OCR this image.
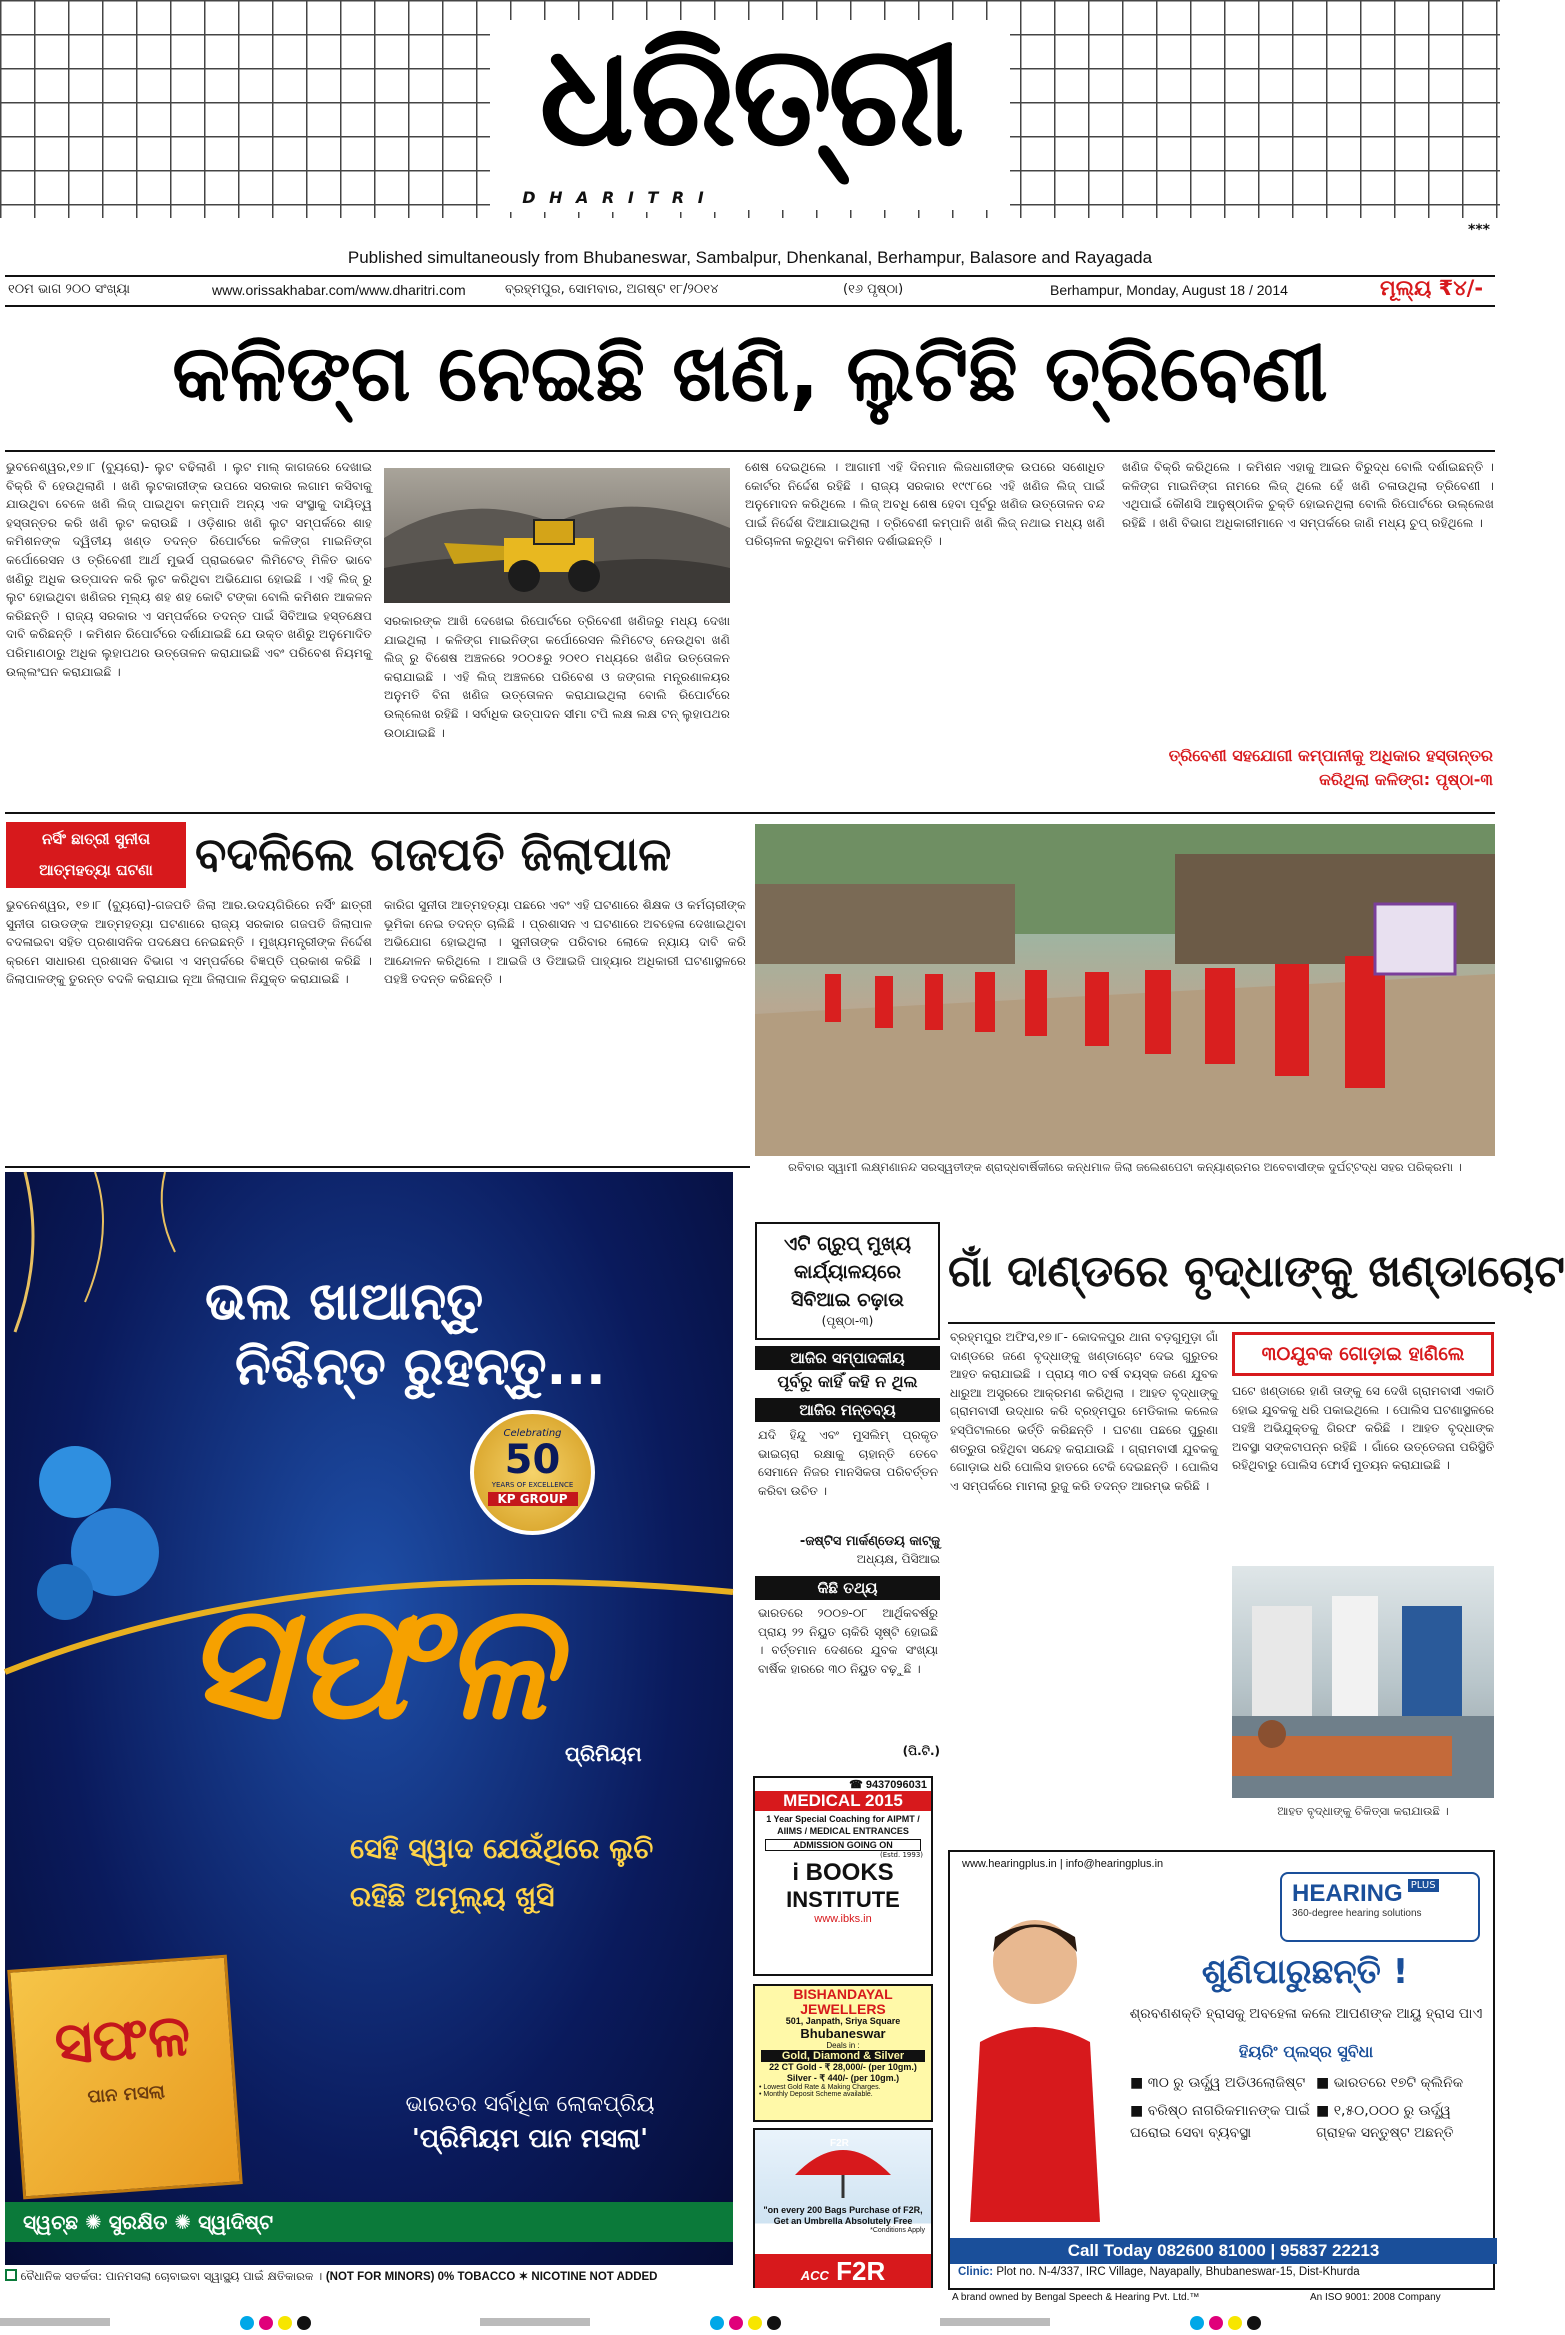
ଧରିତ୍ରୀ
D H A R I T R I
***
Published simultaneously from Bhubaneswar, Sambalpur, Dhenkanal, Berhampur, Balasore and Rayagada
୧୦ମ ଭାଗ ୨୦୦ ସଂଖ୍ୟା	www.orissakhabar.com/www.dharitri.com	ବ୍ରହ୍ମପୁର, ସୋମବାର, ଅଗଷ୍ଟ ୧୮/୨୦୧୪	(୧୬ ପୃଷ୍ଠା)	Berhampur, Monday, August 18 / 2014	ମୂଲ୍ୟ ₹୪/-
କଳିଙ୍ଗ ନେଇଛି ଖଣି, ଲୁଟିଛି ତ୍ରିବେଣୀ
ଭୁବନେଶ୍ୱର,୧୭।୮ (ବ୍ୟୁରୋ)- ଲୁଟ ବଢିଲାଣି । ଲୁଟ ମାଲ୍ କାଗଜରେ ଦେଖାଇ ବିକ୍ରି ବି ହେଉଥିଲାଣି । ଖଣି ଲୁଟକାରୀଙ୍କ ଉପରେ ସରକାର ଲଗାମ କସିବାକୁ ଯାଉଥିବା ବେଳେ ଖଣି ଲିଜ୍ ପାଇଥିବା କମ୍ପାନି ଅନ୍ୟ ଏକ ସଂସ୍ଥାକୁ ଦାୟିତ୍ୱ ହସ୍ତାନ୍ତର କରି ଖଣି ଲୁଟ କରାଉଛି । ଓଡ଼ିଶାର ଖଣି ଲୁଟ ସମ୍ପର୍କରେ ଶାହ କମିଶନଙ୍କ ଦ୍ୱିତୀୟ ଖଣ୍ଡ ତଦନ୍ତ ରିପୋର୍ଟରେ କଳିଙ୍ଗ ମାଇନିଙ୍ଗ କର୍ପୋରେସନ ଓ ତ୍ରିବେଣୀ ଆର୍ଥ ମୁଭର୍ସ ପ୍ରାଇଭେଟ ଲିମିଟେଡ୍ ମିଳିତ ଭାବେ ଖଣିରୁ ଅଧିକ ଉତ୍ପାଦନ କରି ଲୁଟ କରିଥିବା ଅଭିଯୋଗ ହୋଇଛି । ଏହି ଲିଜ୍ ରୁ ଲୁଟ ହୋଇଥିବା ଖଣିଜର ମୂଲ୍ୟ ଶହ ଶହ କୋଟି ଟଙ୍କା ବୋଲି କମିଶନ ଆକଳନ କରିଛନ୍ତି । ରାଜ୍ୟ ସରକାର ଏ ସମ୍ପର୍କରେ ତଦନ୍ତ ପାଇଁ ସିବିଆଇ ହସ୍ତକ୍ଷେପ ଦାବି କରିଛନ୍ତି । କମିଶନ ରିପୋର୍ଟରେ ଦର୍ଶାଯାଇଛି ଯେ ଉକ୍ତ ଖଣିରୁ ଅନୁମୋଦିତ ପରିମାଣଠାରୁ ଅଧିକ ଲୁହାପଥର ଉତ୍ତୋଳନ କରାଯାଇଛି ଏବଂ ପରିବେଶ ନିୟମକୁ ଉଲ୍ଲଂଘନ କରାଯାଇଛି ।
ସରକାରଙ୍କ ଆଖି ଦେଖେଇ ରିପୋର୍ଟରେ ତ୍ରିବେଣୀ ଖଣିଜରୁ ମଧ୍ୟ ଦେଖା ଯାଇଥିଲା । କଳିଙ୍ଗ ମାଇନିଙ୍ଗ କର୍ପୋରେସନ ଲିମିଟେଡ୍ ନେଉଥିବା ଖଣି ଲିଜ୍ ରୁ ବିଶେଷ ଅଞ୍ଚଳରେ ୨୦୦୫ରୁ ୨୦୧୦ ମଧ୍ୟରେ ଖଣିଜ ଉତ୍ତୋଳନ କରାଯାଇଛି । ଏହି ଲିଜ୍ ଅଞ୍ଚଳରେ ପରିବେଶ ଓ ଜଙ୍ଗଲ ମନ୍ତ୍ରଣାଳୟର ଅନୁମତି ବିନା ଖଣିଜ ଉତ୍ତୋଳନ କରାଯାଇଥିଲା ବୋଲି ରିପୋର୍ଟରେ ଉଲ୍ଲେଖ ରହିଛି । ସର୍ବାଧିକ ଉତ୍ପାଦନ ସୀମା ଟପି ଲକ୍ଷ ଲକ୍ଷ ଟନ୍ ଲୁହାପଥର ଉଠାଯାଇଛି ।
ଶେଷ ଦେଇଥିଲେ । ଆଗାମୀ ଏହି ଦିନମାନ ଲିଜଧାରୀଙ୍କ ଉପରେ ସଶୋଧିତ କୋର୍ଟର ନିର୍ଦ୍ଦେଶ ରହିଛି । ରାଜ୍ୟ ସରକାର ୧୯୯୮ରେ ଏହି ଖଣିଜ ଲିଜ୍ ପାଇଁ ଅନୁମୋଦନ କରିଥିଲେ । ଲିଜ୍ ଅବଧି ଶେଷ ହେବା ପୂର୍ବରୁ ଖଣିଜ ଉତ୍ତୋଳନ ବନ୍ଦ ପାଇଁ ନିର୍ଦ୍ଦେଶ ଦିଆଯାଇଥିଲା । ତ୍ରିବେଣୀ କମ୍ପାନି ଖଣି ଲିଜ୍ ନଥାଇ ମଧ୍ୟ ଖଣି ପରିଚାଳନା କରୁଥିବା କମିଶନ ଦର୍ଶାଇଛନ୍ତି ।
ଖଣିଜ ବିକ୍ରି କରିଥିଲେ । କମିଶନ ଏହାକୁ ଆଇନ ବିରୁଦ୍ଧ ବୋଲି ଦର୍ଶାଇଛନ୍ତି । କଳିଙ୍ଗ ମାଇନିଙ୍ଗ ନାମରେ ଲିଜ୍ ଥିଲେ ହେଁ ଖଣି ଚଳାଉଥିଲା ତ୍ରିବେଣୀ । ଏଥିପାଇଁ କୌଣସି ଆନୁଷ୍ଠାନିକ ଚୁକ୍ତି ହୋଇନଥିଲା ବୋଲି ରିପୋର୍ଟରେ ଉଲ୍ଲେଖ ରହିଛି । ଖଣି ବିଭାଗ ଅଧିକାରୀମାନେ ଏ ସମ୍ପର୍କରେ ଜାଣି ମଧ୍ୟ ଚୁପ୍ ରହିଥିଲେ ।
ତ୍ରିବେଣୀ ସହଯୋଗୀ କମ୍ପାନୀକୁ ଅଧିକାର ହସ୍ତାନ୍ତର କରିଥିଲା କଳିଙ୍ଗ: ପୃଷ୍ଠା-୩
ନର୍ସିଂ ଛାତ୍ରୀ ସୁନୀତା
ଆତ୍ମହତ୍ୟା ଘଟଣା ବଦଳିଲେ ଗଜପତି ଜିଲାପାଳ
ଭୁବନେଶ୍ୱର, ୧୭।୮ (ବ୍ୟୁରୋ)-ଗଜପତି ଜିଲା ଆର.ଉଦୟଗିରିରେ ନର୍ସିଂ ଛାତ୍ରୀ ସୁନୀତା ଗଉଡଙ୍କ ଆତ୍ମହତ୍ୟା ଘଟଣାରେ ରାଜ୍ୟ ସରକାର ଗଜପତି ଜିଲାପାଳ ବଦଳାଇବା ସହିତ ପ୍ରଶାସନିକ ପଦକ୍ଷେପ ନେଇଛନ୍ତି । ମୁଖ୍ୟମନ୍ତ୍ରୀଙ୍କ ନିର୍ଦ୍ଦେଶ କ୍ରମେ ସାଧାରଣ ପ୍ରଶାସନ ବିଭାଗ ଏ ସମ୍ପର୍କରେ ବିଜ୍ଞପ୍ତି ପ୍ରକାଶ କରିଛି । ଜିଲାପାଳଙ୍କୁ ତୁରନ୍ତ ବଦଳି କରାଯାଇ ନୂଆ ଜିଲାପାଳ ନିଯୁକ୍ତ କରାଯାଇଛି ।
କାରିଗ ସୁନୀତା ଆତ୍ମହତ୍ୟା ପଛରେ ଏବଂ ଏହି ଘଟଣାରେ ଶିକ୍ଷକ ଓ କର୍ମଚାରୀଙ୍କ ଭୂମିକା ନେଇ ତଦନ୍ତ ଚାଲିଛି । ପ୍ରଶାସନ ଏ ଘଟଣାରେ ଅବହେଳା ଦେଖାଇଥିବା ଅଭିଯୋଗ ହୋଇଥିଲା । ସୁନୀତାଙ୍କ ପରିବାର ଲୋକେ ନ୍ୟାୟ ଦାବି କରି ଆନ୍ଦୋଳନ କରିଥିଲେ । ଆଇଜି ଓ ଡିଆଇଜି ପାହ୍ୟାର ଅଧିକାରୀ ଘଟଣାସ୍ଥଳରେ ପହଞ୍ଚି ତଦନ୍ତ କରିଛନ୍ତି ।
ରବିବାର ସ୍ୱାମୀ ଲକ୍ଷ୍ମଣାନନ୍ଦ ସରସ୍ୱତୀଙ୍କ ଶ୍ରାଦ୍ଧବାର୍ଷିକୀରେ କନ୍ଧମାଳ ଜିଲା ଜଲେଶପେଟା କନ୍ୟାଶ୍ରମର ଅବେବାସୀଙ୍କ ଦୁର୍ଘଟ୍ଟଦ୍ଧ ସହର ପରିକ୍ରମା ।
ଭଲ ଖାଆନ୍ତୁ
ନିଶ୍ଚିନ୍ତ ରୁହନ୍ତୁ...
Celebrating
50
YEARS OF EXCELLENCE
KP GROUP
ସଫଳ ପ୍ରିମିୟମ
ସେହି ସ୍ୱାଦ ଯେଉଁଥିରେ ଲୁଚି
ରହିଛି ଅମୂଲ୍ୟ ଖୁସି
ସଫଳ
ପାନ ମସଲା	ଭାରତର ସର୍ବାଧିକ ଲୋକପ୍ରିୟ
'ପ୍ରିମିୟମ ପାନ ମସଲା'
ସ୍ୱଚ୍ଛ ✺ ସୁରକ୍ଷିତ ✺ ସ୍ୱାଦିଷ୍ଟ
ବୈଧାନିକ ସତର୍କତା: ପାନମସଲା ଚୋବାଇବା ସ୍ୱାସ୍ଥ୍ୟ ପାଇଁ କ୍ଷତିକାରକ । (NOT FOR MINORS) 0% TOBACCO ✶ NICOTINE NOT ADDED
ଏଟି ଗ୍ରୁପ୍ ମୁଖ୍ୟ କାର୍ଯ୍ୟାଳୟରେ ସିବିଆଇ ଚଢ଼ାଉ
(ପୃଷ୍ଠା-୩)
ଆଜିର ସମ୍ପାଦକୀୟ
ପୂର୍ବରୁ କାହିଁ କହି ନ ଥିଲ
ଆଜିର ମନ୍ତବ୍ୟ
ଯଦି ହିନ୍ଦୁ ଏବଂ ମୁସଲିମ୍ ପ୍ରକୃତ ଭାଇଚାରା ରକ୍ଷାକୁ ଚାହାନ୍ତି ତେବେ ସେମାନେ ନିଜର ମାନସିକତା ପରିବର୍ତ୍ତନ କରିବା ଉଚିତ ।
-ଜଷ୍ଟିସ ମାର୍କଣ୍ଡେୟ କାଟ୍ଜୁ
ଅଧ୍ୟକ୍ଷ, ପିସିଆଇ
କିଛି ତଥ୍ୟ
ଭାରତରେ ୨୦୦୭-୦୮ ଆର୍ଥିକବର୍ଷରୁ ପ୍ରାୟ ୨୨ ନିୟୁତ ଚାକିରି ସୃଷ୍ଟି ହୋଇଛି । ବର୍ତ୍ତମାନ ଦେଶରେ ଯୁବକ ସଂଖ୍ୟା ବାର୍ଷିକ ହାରରେ ୩୦ ନିୟୁତ ବଢ଼ୁଛି ।
(ପି.ଟି.)
☎ 9437096031
MEDICAL 2015
1 Year Special Coaching for AIPMT / AIIMS / MEDICAL ENTRANCES
ADMISSION GOING ON
(Estd. 1993)
i BOOKS
INSTITUTE
www.ibks.in
BISHANDAYAL
JEWELLERS
501, Janpath, Sriya Square
Bhubaneswar
Deals in :
Gold, Diamond & Silver
22 CT Gold - ₹ 28,000/- (per 10gm.)
Silver - ₹ 440/- (per 10gm.)
• Lowest Gold Rate & Making Charges.
• Monthly Deposit Scheme available.
F2R
"on every 200 Bags Purchase of F2R, Get an Umbrella Absolutely Free
*Conditions Apply
ACC F2R
ଗାଁ ଦାଣ୍ଡରେ ବୃଦ୍ଧାଙ୍କୁ ଖଣ୍ଡାଚୋଟ
ବ୍ରହ୍ମପୁର ଅଫିସ,୧୭।୮- କୋଦଳପୁର ଥାନା ବଡ଼ଗୁମୁଡ଼ା ଗାଁ ଦାଣ୍ଡରେ ଜଣେ ବୃଦ୍ଧାଙ୍କୁ ଖଣ୍ଡାଚୋଟ ଦେଇ ଗୁରୁତର ଆହତ କରାଯାଇଛି । ପ୍ରାୟ ୩୦ ବର୍ଷ ବୟସ୍କ ଜଣେ ଯୁବକ ଧାରୁଆ ଅସ୍ତ୍ରରେ ଆକ୍ରମଣ କରିଥିଲା । ଆହତ ବୃଦ୍ଧାଙ୍କୁ ଗ୍ରାମବାସୀ ଉଦ୍ଧାର କରି ବ୍ରହ୍ମପୁର ମେଡିକାଲ କଲେଜ ହସ୍ପିଟାଲରେ ଭର୍ତ୍ତି କରିଛନ୍ତି । ଘଟଣା ପଛରେ ପୁରୁଣା ଶତ୍ରୁତା ରହିଥିବା ସନ୍ଦେହ କରାଯାଉଛି । ଗ୍ରାମବାସୀ ଯୁବକକୁ ଗୋଡ଼ାଇ ଧରି ପୋଲିସ ହାତରେ ଟେକି ଦେଇଛନ୍ତି । ପୋଲିସ ଏ ସମ୍ପର୍କରେ ମାମଲା ରୁଜୁ କରି ତଦନ୍ତ ଆରମ୍ଭ କରିଛି ।
୩୦ଯୁବକ ଗୋଡ଼ାଇ ହାଣିଲେ
ଘଟେ ଖଣ୍ଡାରେ ହାଣି ତାଙ୍କୁ ସେ ଦେଖି ଗ୍ରାମବାସୀ ଏକାଠି ହୋଇ ଯୁବକକୁ ଧରି ପକାଇଥିଲେ । ପୋଲିସ ଘଟଣାସ୍ଥଳରେ ପହଞ୍ଚି ଅଭିଯୁକ୍ତକୁ ଗିରଫ କରିଛି । ଆହତ ବୃଦ୍ଧାଙ୍କ ଅବସ୍ଥା ସଙ୍କଟାପନ୍ନ ରହିଛି । ଗାଁରେ ଉତ୍ତେଜନା ପରିସ୍ଥିତି ରହିଥିବାରୁ ପୋଲିସ ଫୋର୍ସ ମୁତୟନ କରାଯାଇଛି ।
ଆହତ ବୃଦ୍ଧାଙ୍କୁ ଚିକିତ୍ସା କରାଯାଉଛି ।
www.hearingplus.in | info@hearingplus.in
HEARING $^{PLUS}$
360-degree hearing solutions
ଶୁଣିପାରୁଛନ୍ତି !
ଶ୍ରବଣଶକ୍ତି ହ୍ରାସକୁ ଅବହେଳା କଲେ ଆପଣଙ୍କ ଆୟୁ ହ୍ରାସ ପାଏ
ହିୟରିଂ ପ୍ଲସ୍‌ର ସୁବିଧା
■ ୩୦ ରୁ ଊର୍ଦ୍ଧ୍ୱ ଅଡିଓଲୋଜିଷ୍ଟ ■ ଭାରତରେ ୧୭ଟି କ୍ଲିନିକ
■ ବରିଷ୍ଠ ନାଗରିକମାନଙ୍କ ପାଇଁ ଘରୋଇ ସେବା ବ୍ୟବସ୍ଥା
■ ୧,୫୦,୦୦୦ ରୁ ଊର୍ଦ୍ଧ୍ୱ ଗ୍ରାହକ ସନ୍ତୁଷ୍ଟ ଅଛନ୍ତି
Call Today 082600 81000 | 95837 22213
Clinic: Plot no. N-4/337, IRC Village, Nayapally, Bhubaneswar-15, Dist-Khurda
A brand owned by Bengal Speech & Hearing Pvt. Ltd.™	An ISO 9001: 2008 Company
